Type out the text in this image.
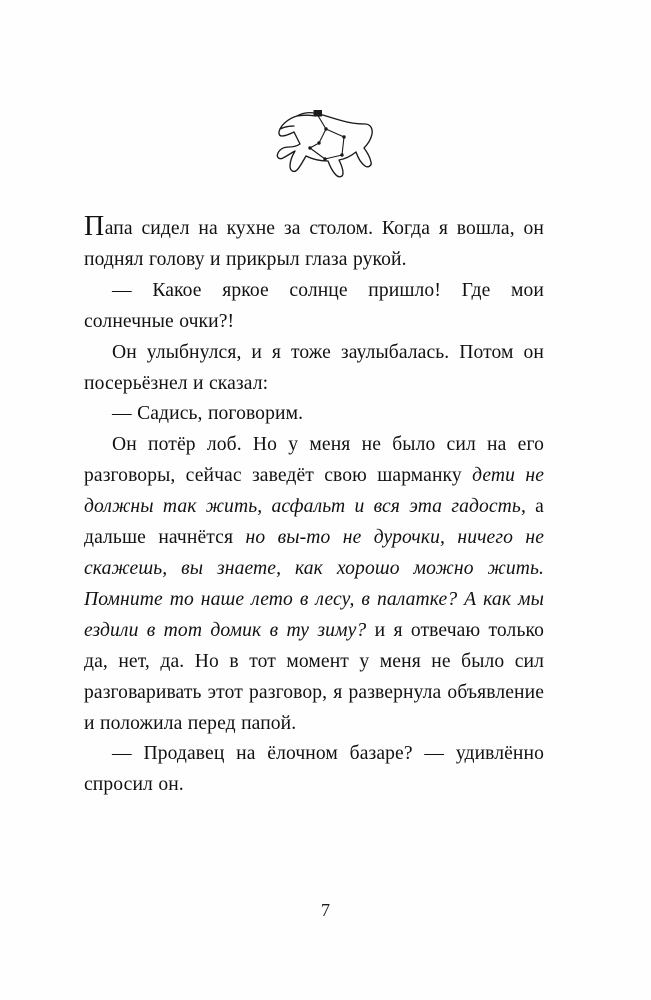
Папа сидел на кухне за столом. Когда я вошла, он поднял голову и прикрыл глаза рукой.

— Какое яркое солнце пришло! Где мои солнечные очки?!

Он улыбнулся, и я тоже заулыбалась. Потом он посерьёзнел и сказал:

— Садись, поговорим.

Он потёр лоб. Но у меня не было сил на его разговоры, сейчас заведёт свою шарманку дети не должны так жить, асфальт и вся эта гадость, а дальше начнётся но вы-то не дурочки, ничего не скажешь, вы знаете, как хорошо можно жить. Помните то наше лето в лесу, в палатке? А как мы ездили в тот домик в ту зиму? и я отвечаю только да, нет, да. Но в тот момент у меня не было сил разговаривать этот разговор, я развернула объявление и положила перед папой.

— Продавец на ёлочном базаре? — удивлённо спросил он.

7
